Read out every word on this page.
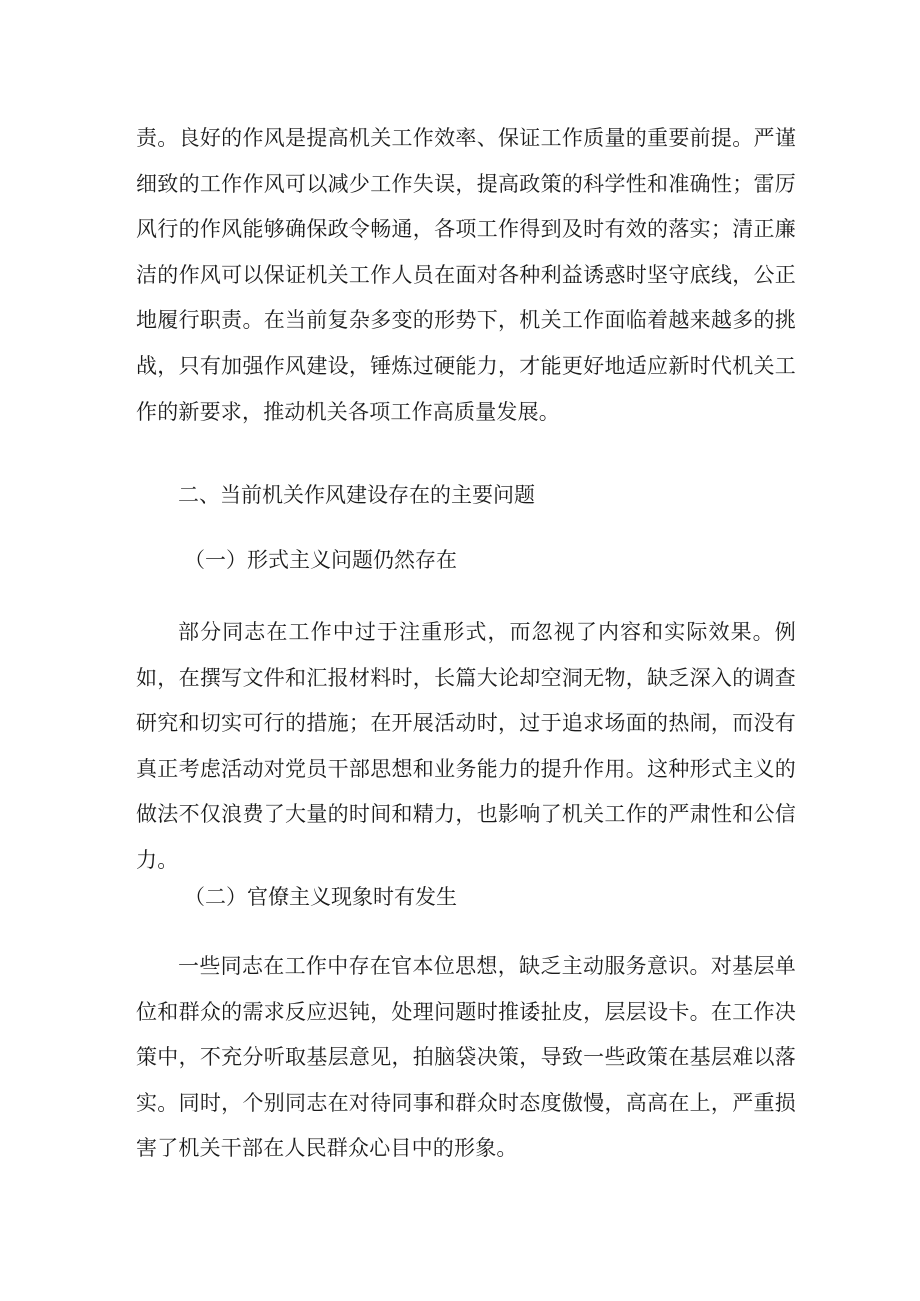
责。良好的作风是提高机关工作效率、保证工作质量的重要前提。严谨细致的工作作风可以减少工作失误，提高政策的科学性和准确性；雷厉风行的作风能够确保政令畅通，各项工作得到及时有效的落实；清正廉洁的作风可以保证机关工作人员在面对各种利益诱惑时坚守底线，公正地履行职责。在当前复杂多变的形势下，机关工作面临着越来越多的挑战，只有加强作风建设，锤炼过硬能力，才能更好地适应新时代机关工作的新要求，推动机关各项工作高质量发展。

二、当前机关作风建设存在的主要问题

（一）形式主义问题仍然存在

部分同志在工作中过于注重形式，而忽视了内容和实际效果。例如，在撰写文件和汇报材料时，长篇大论却空洞无物，缺乏深入的调查研究和切实可行的措施；在开展活动时，过于追求场面的热闹，而没有真正考虑活动对党员干部思想和业务能力的提升作用。这种形式主义的做法不仅浪费了大量的时间和精力，也影响了机关工作的严肃性和公信力。

（二）官僚主义现象时有发生

一些同志在工作中存在官本位思想，缺乏主动服务意识。对基层单位和群众的需求反应迟钝，处理问题时推诿扯皮，层层设卡。在工作决策中，不充分听取基层意见，拍脑袋决策，导致一些政策在基层难以落实。同时，个别同志在对待同事和群众时态度傲慢，高高在上，严重损害了机关干部在人民群众心目中的形象。
